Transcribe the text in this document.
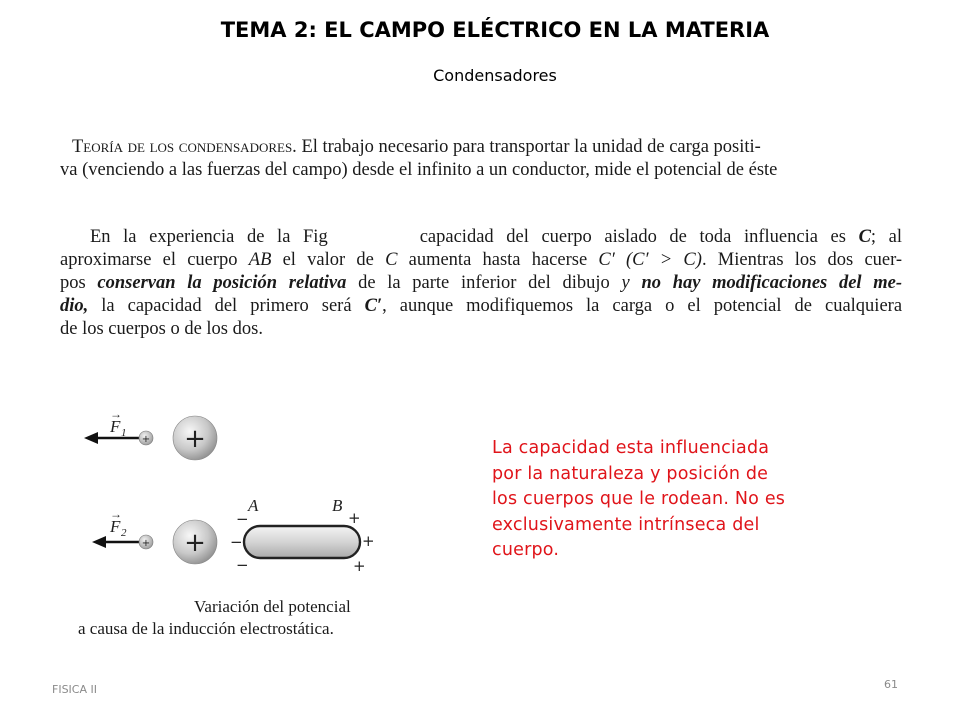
TEMA 2: EL CAMPO ELÉCTRICO EN LA MATERIA
Condensadores
Teoría de los condensadores. El trabajo necesario para transportar la unidad de carga positi-
va (venciendo a las fuerzas del campo) desde el infinito a un conductor, mide el potencial de éste
En la experiencia de la Fig	capacidad del cuerpo aislado de toda influencia es C; al
aproximarse el cuerpo AB el valor de C aumenta hasta hacerse C′ (C′ > C). Mientras los dos cuer-
pos conservan la posición relativa de la parte inferior del dibujo y no hay modificaciones del me-
dio, la capacidad del primero será C′, aunque modifiquemos la carga o el potencial de cualquiera
de los cuerpos o de los dos.
→
F 1
+ +
→
F 2
+ +
A	B
−
−
−
+
+
+
Variación del potencial
a causa de la inducción electrostática.
La capacidad esta influenciada por la naturaleza y posición de los cuerpos que le rodean. No es exclusivamente intrínseca del cuerpo.
FISICA II	61
